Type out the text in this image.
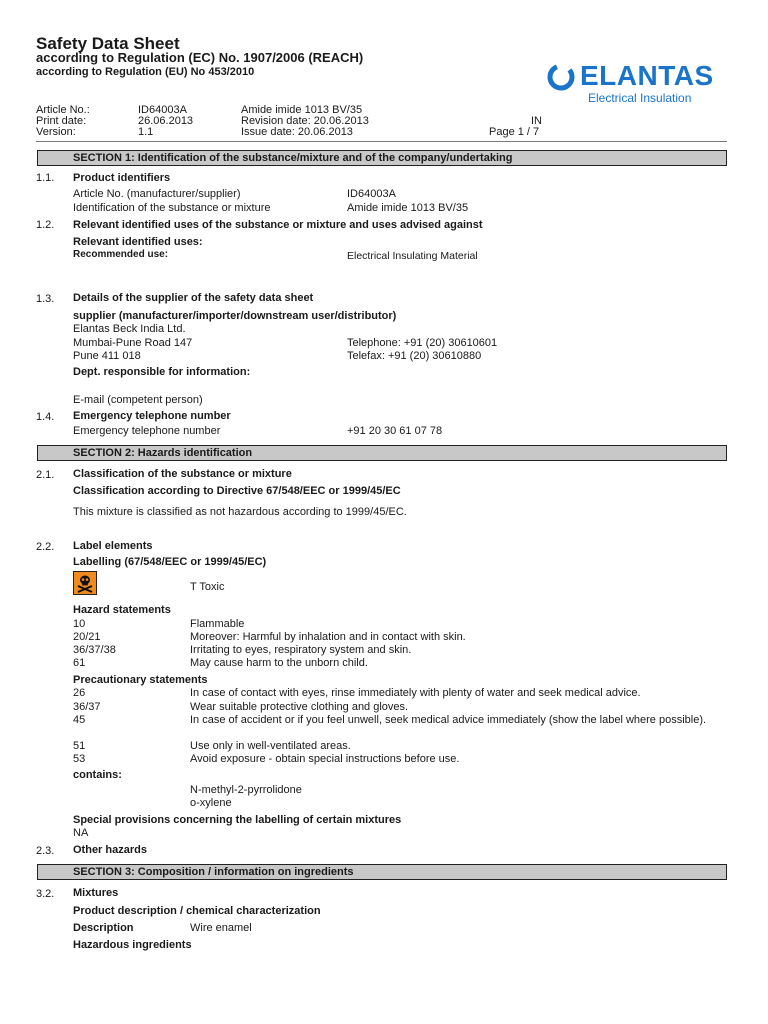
Safety Data Sheet
according to Regulation (EC) No. 1907/2006 (REACH)
according to Regulation (EU) No 453/2010	ELANTAS
Electrical Insulation
Article No.:	ID64003A	Amide imide 1013 BV/35
Print date:	26.06.2013	Revision date: 20.06.2013	IN
Version:	1.1	Issue date: 20.06.2013	Page 1 / 7
SECTION 1: Identification of the substance/mixture and of the company/undertaking
1.1. Product identifiers
Article No. (manufacturer/supplier)	ID64003A
Identification of the substance or mixture	Amide imide 1013 BV/35
1.2. Relevant identified uses of the substance or mixture and uses advised against
Relevant identified uses:
Recommended use:	Electrical Insulating Material
1.3. Details of the supplier of the safety data sheet
supplier (manufacturer/importer/downstream user/distributor)
Elantas Beck India Ltd.
Mumbai-Pune Road 147	Telephone: +91 (20) 30610601
Pune 411 018	Telefax: +91 (20) 30610880
Dept. responsible for information:
E-mail (competent person)
1.4. Emergency telephone number
Emergency telephone number	+91 20 30 61 07 78
SECTION 2: Hazards identification
2.1. Classification of the substance or mixture
Classification according to Directive 67/548/EEC or 1999/45/EC
This mixture is classified as not hazardous according to 1999/45/EC.
2.2. Label elements
Labelling (67/548/EEC or 1999/45/EC)
T Toxic
Hazard statements
10	Flammable
20/21	Moreover: Harmful by inhalation and in contact with skin.
36/37/38	Irritating to eyes, respiratory system and skin.
61	May cause harm to the unborn child.
Precautionary statements
26	In case of contact with eyes, rinse immediately with plenty of water and seek medical advice.
36/37	Wear suitable protective clothing and gloves.
45	In case of accident or if you feel unwell, seek medical advice immediately (show the label where possible).
51	Use only in well-ventilated areas.
53	Avoid exposure - obtain special instructions before use.
contains:
N-methyl-2-pyrrolidone
o-xylene
Special provisions concerning the labelling of certain mixtures
NA
2.3. Other hazards
SECTION 3: Composition / information on ingredients
3.2. Mixtures
Product description / chemical characterization
Description	Wire enamel
Hazardous ingredients
